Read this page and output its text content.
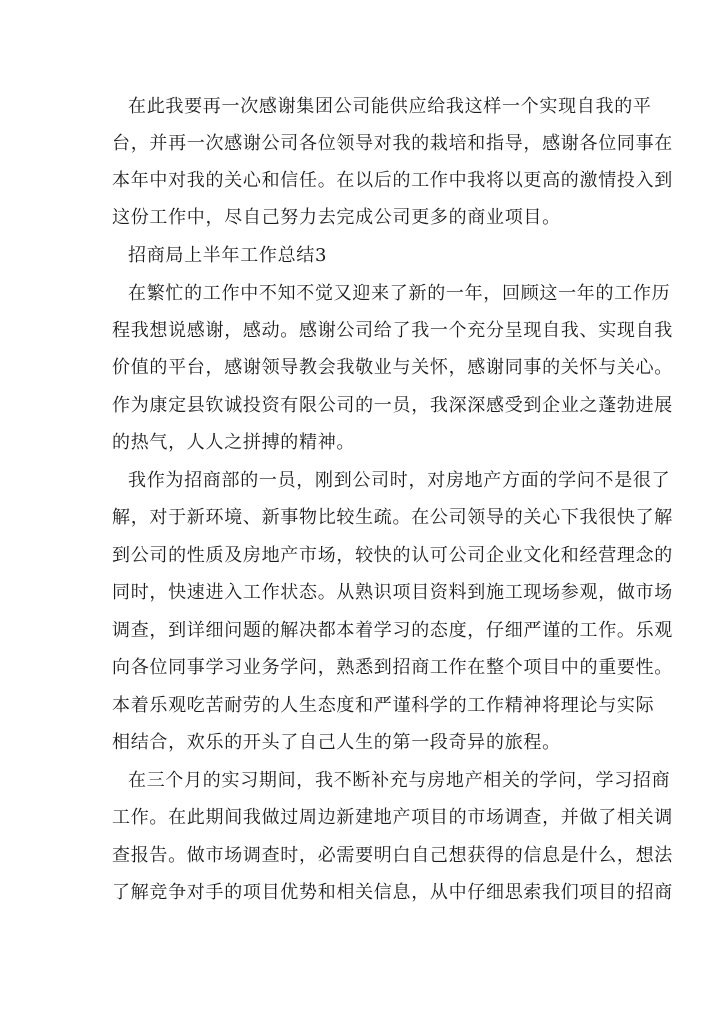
在此我要再一次感谢集团公司能供应给我这样一个实现自我的平
台，并再一次感谢公司各位领导对我的栽培和指导，感谢各位同事在
本年中对我的关心和信任。在以后的工作中我将以更高的激情投入到
这份工作中，尽自己努力去完成公司更多的商业项目。
招商局上半年工作总结3
在繁忙的工作中不知不觉又迎来了新的一年，回顾这一年的工作历
程我想说感谢，感动。感谢公司给了我一个充分呈现自我、实现自我
价值的平台，感谢领导教会我敬业与关怀，感谢同事的关怀与关心。
作为康定县钦诚投资有限公司的一员，我深深感受到企业之蓬勃进展
的热气，人人之拼搏的精神。
我作为招商部的一员，刚到公司时，对房地产方面的学问不是很了
解，对于新环境、新事物比较生疏。在公司领导的关心下我很快了解
到公司的性质及房地产市场，较快的认可公司企业文化和经营理念的
同时，快速进入工作状态。从熟识项目资料到施工现场参观，做市场
调查，到详细问题的解决都本着学习的态度，仔细严谨的工作。乐观
向各位同事学习业务学问，熟悉到招商工作在整个项目中的重要性。
本着乐观吃苦耐劳的人生态度和严谨科学的工作精神将理论与实际
相结合，欢乐的开头了自己人生的第一段奇异的旅程。
在三个月的实习期间，我不断补充与房地产相关的学问，学习招商
工作。在此期间我做过周边新建地产项目的市场调查，并做了相关调
查报告。做市场调查时，必需要明白自己想获得的信息是什么，想法
了解竞争对手的项目优势和相关信息，从中仔细思索我们项目的招商
